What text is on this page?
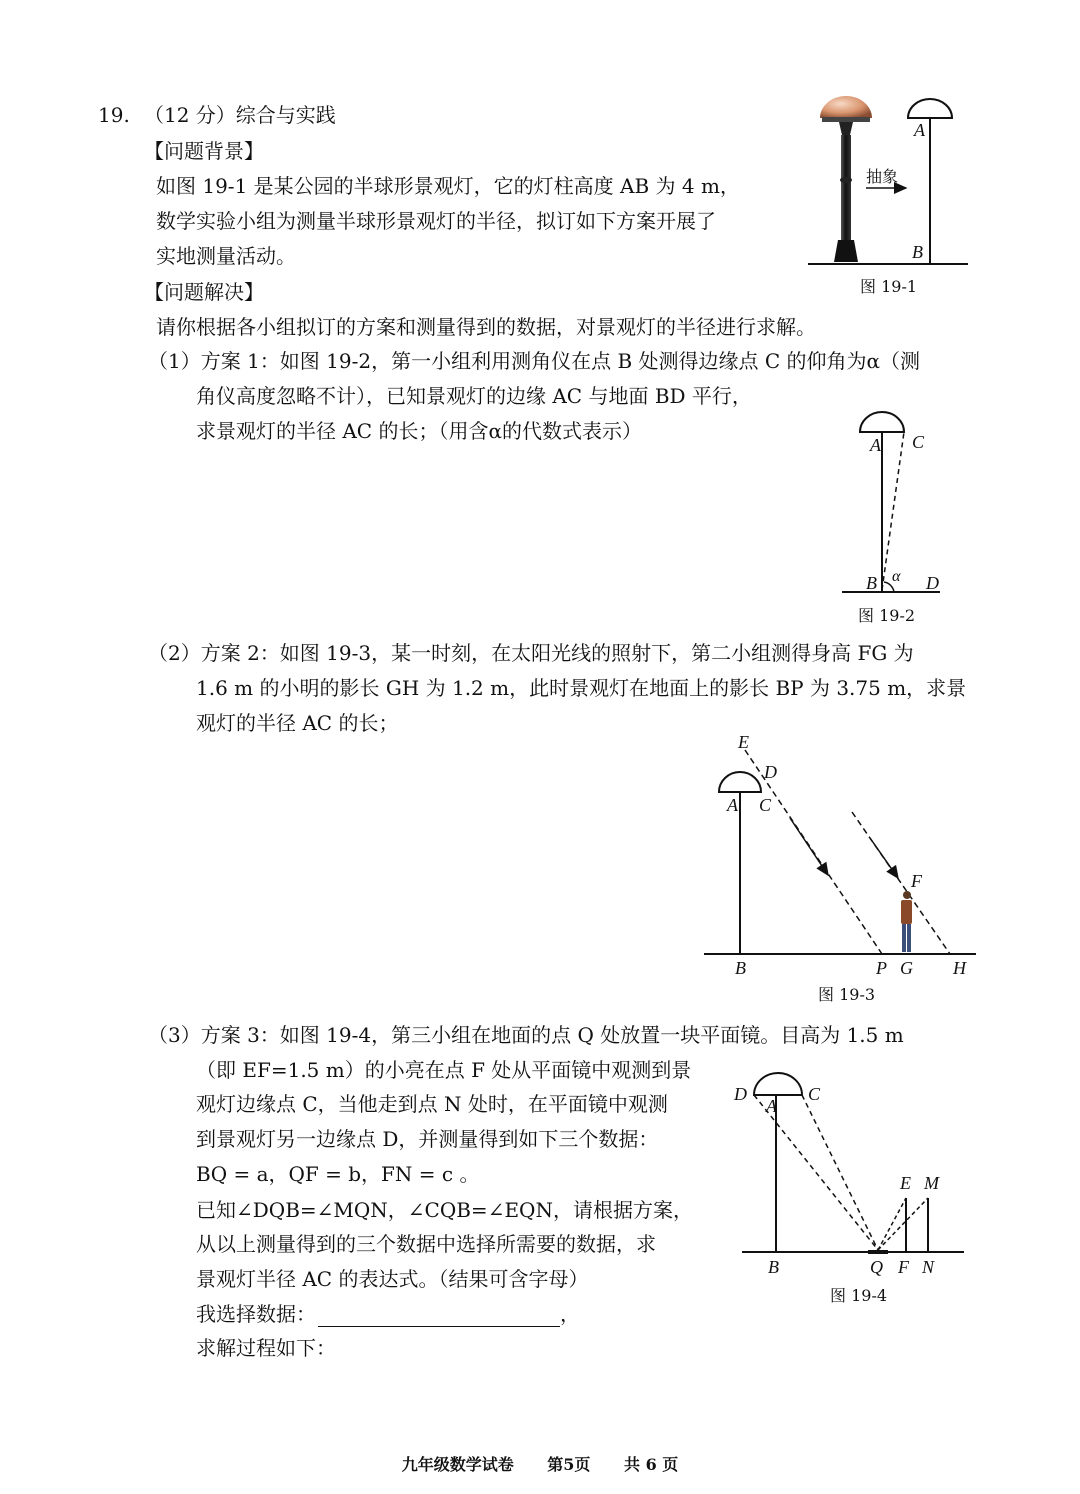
19. （12 分）综合与实践
【问题背景】
如图 19-1 是某公园的半球形景观灯，它的灯柱高度 AB 为 4 m，
数学实验小组为测量半球形景观灯的半径，拟订如下方案开展了
实地测量活动。
【问题解决】
请你根据各小组拟订的方案和测量得到的数据，对景观灯的半径进行求解。
（1）方案 1：如图 19-2，第一小组利用测角仪在点 B 处测得边缘点 C 的仰角为α（测
角仪高度忽略不计），已知景观灯的边缘 AC 与地面 BD 平行，
求景观灯的半径 AC 的长；（用含α的代数式表示）
（2）方案 2：如图 19-3，某一时刻，在太阳光线的照射下，第二小组测得身高 FG 为
1.6 m 的小明的影长 GH 为 1.2 m，此时景观灯在地面上的影长 BP 为 3.75 m，求景
观灯的半径 AC 的长；
（3）方案 3：如图 19-4，第三小组在地面的点 Q 处放置一块平面镜。目高为 1.5 m
（即 EF=1.5 m）的小亮在点 F 处从平面镜中观测到景
观灯边缘点 C，当他走到点 N 处时，在平面镜中观测
到景观灯另一边缘点 D，并测量得到如下三个数据：
BQ = a，QF = b，FN = c 。
已知∠DQB=∠MQN，∠CQB=∠EQN，请根据方案，
从以上测量得到的三个数据中选择所需要的数据，求
景观灯半径 AC 的表达式。（结果可含字母）
我选择数据：	，
求解过程如下：
抽象
A
B
图 19-1
A C
B α D
图 19-2
E
D
A C
F
B	P G H
图 19-3
D
A
C
E M
B	Q F N
图 19-4
九年级数学试卷 第5页 共 6 页
